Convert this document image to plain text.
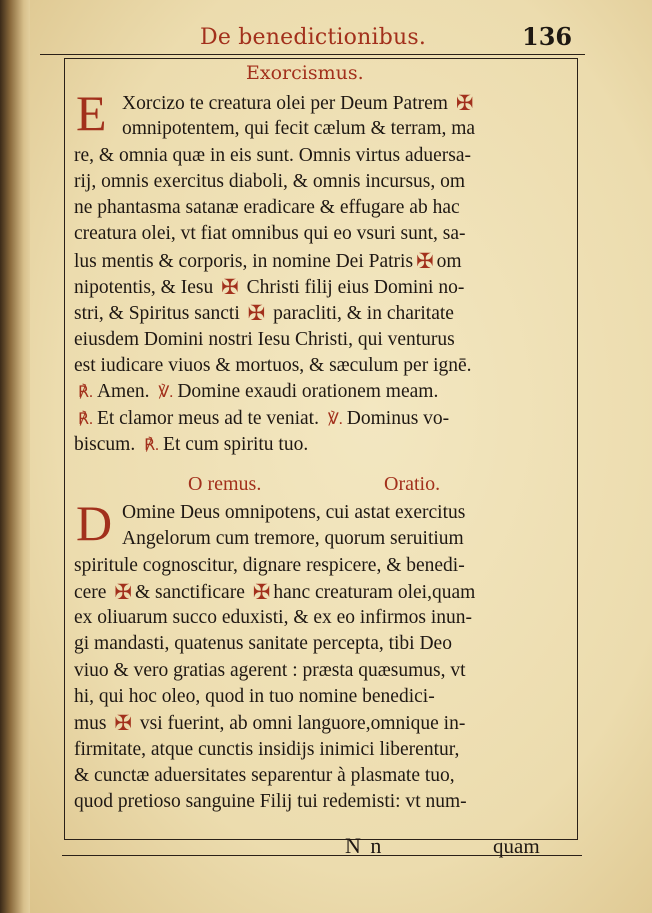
De benedictionibus.	136
Exorcismus.
E Xorcizo te creatura olei per Deum Patrem ✠
omnipotentem, qui fecit cælum & terram, ma
re, & omnia quæ in eis sunt. Omnis virtus aduersa-
rij, omnis exercitus diaboli, & omnis incursus, om
ne phantasma satanæ eradicare & effugare ab hac
creatura olei, vt fiat omnibus qui eo vsuri sunt, sa-
lus mentis & corporis, in nomine Dei Patris ✠ om
nipotentis, & Iesu ✠ Christi filij eius Domini no-
stri, & Spiritus sancti ✠ paracliti, & in charitate
eiusdem Domini nostri Iesu Christi, qui venturus
est iudicare viuos & mortuos, & sæculum per ignē.
℟. Amen. ℣. Domine exaudi orationem meam.
℟. Et clamor meus ad te veniat. ℣. Dominus vo-
biscum. ℟. Et cum spiritu tuo.
O remus.	Oratio.
D Omine Deus omnipotens, cui astat exercitus
Angelorum cum tremore, quorum seruitium
spiritule cognoscitur, dignare respicere, & benedi-
cere ✠ & sanctificare ✠ hanc creaturam olei,quam
ex oliuarum succo eduxisti, & ex eo infirmos inun-
gi mandasti, quatenus sanitate percepta, tibi Deo
viuo & vero gratias agerent : præsta quæsumus, vt
hi, qui hoc oleo, quod in tuo nomine benedici-
mus ✠ vsi fuerint, ab omni languore,omnique in-
firmitate, atque cunctis insidijs inimici liberentur,
& cunctæ aduersitates separentur à plasmate tuo,
quod pretioso sanguine Filij tui redemisti: vt num-
N n	quam
